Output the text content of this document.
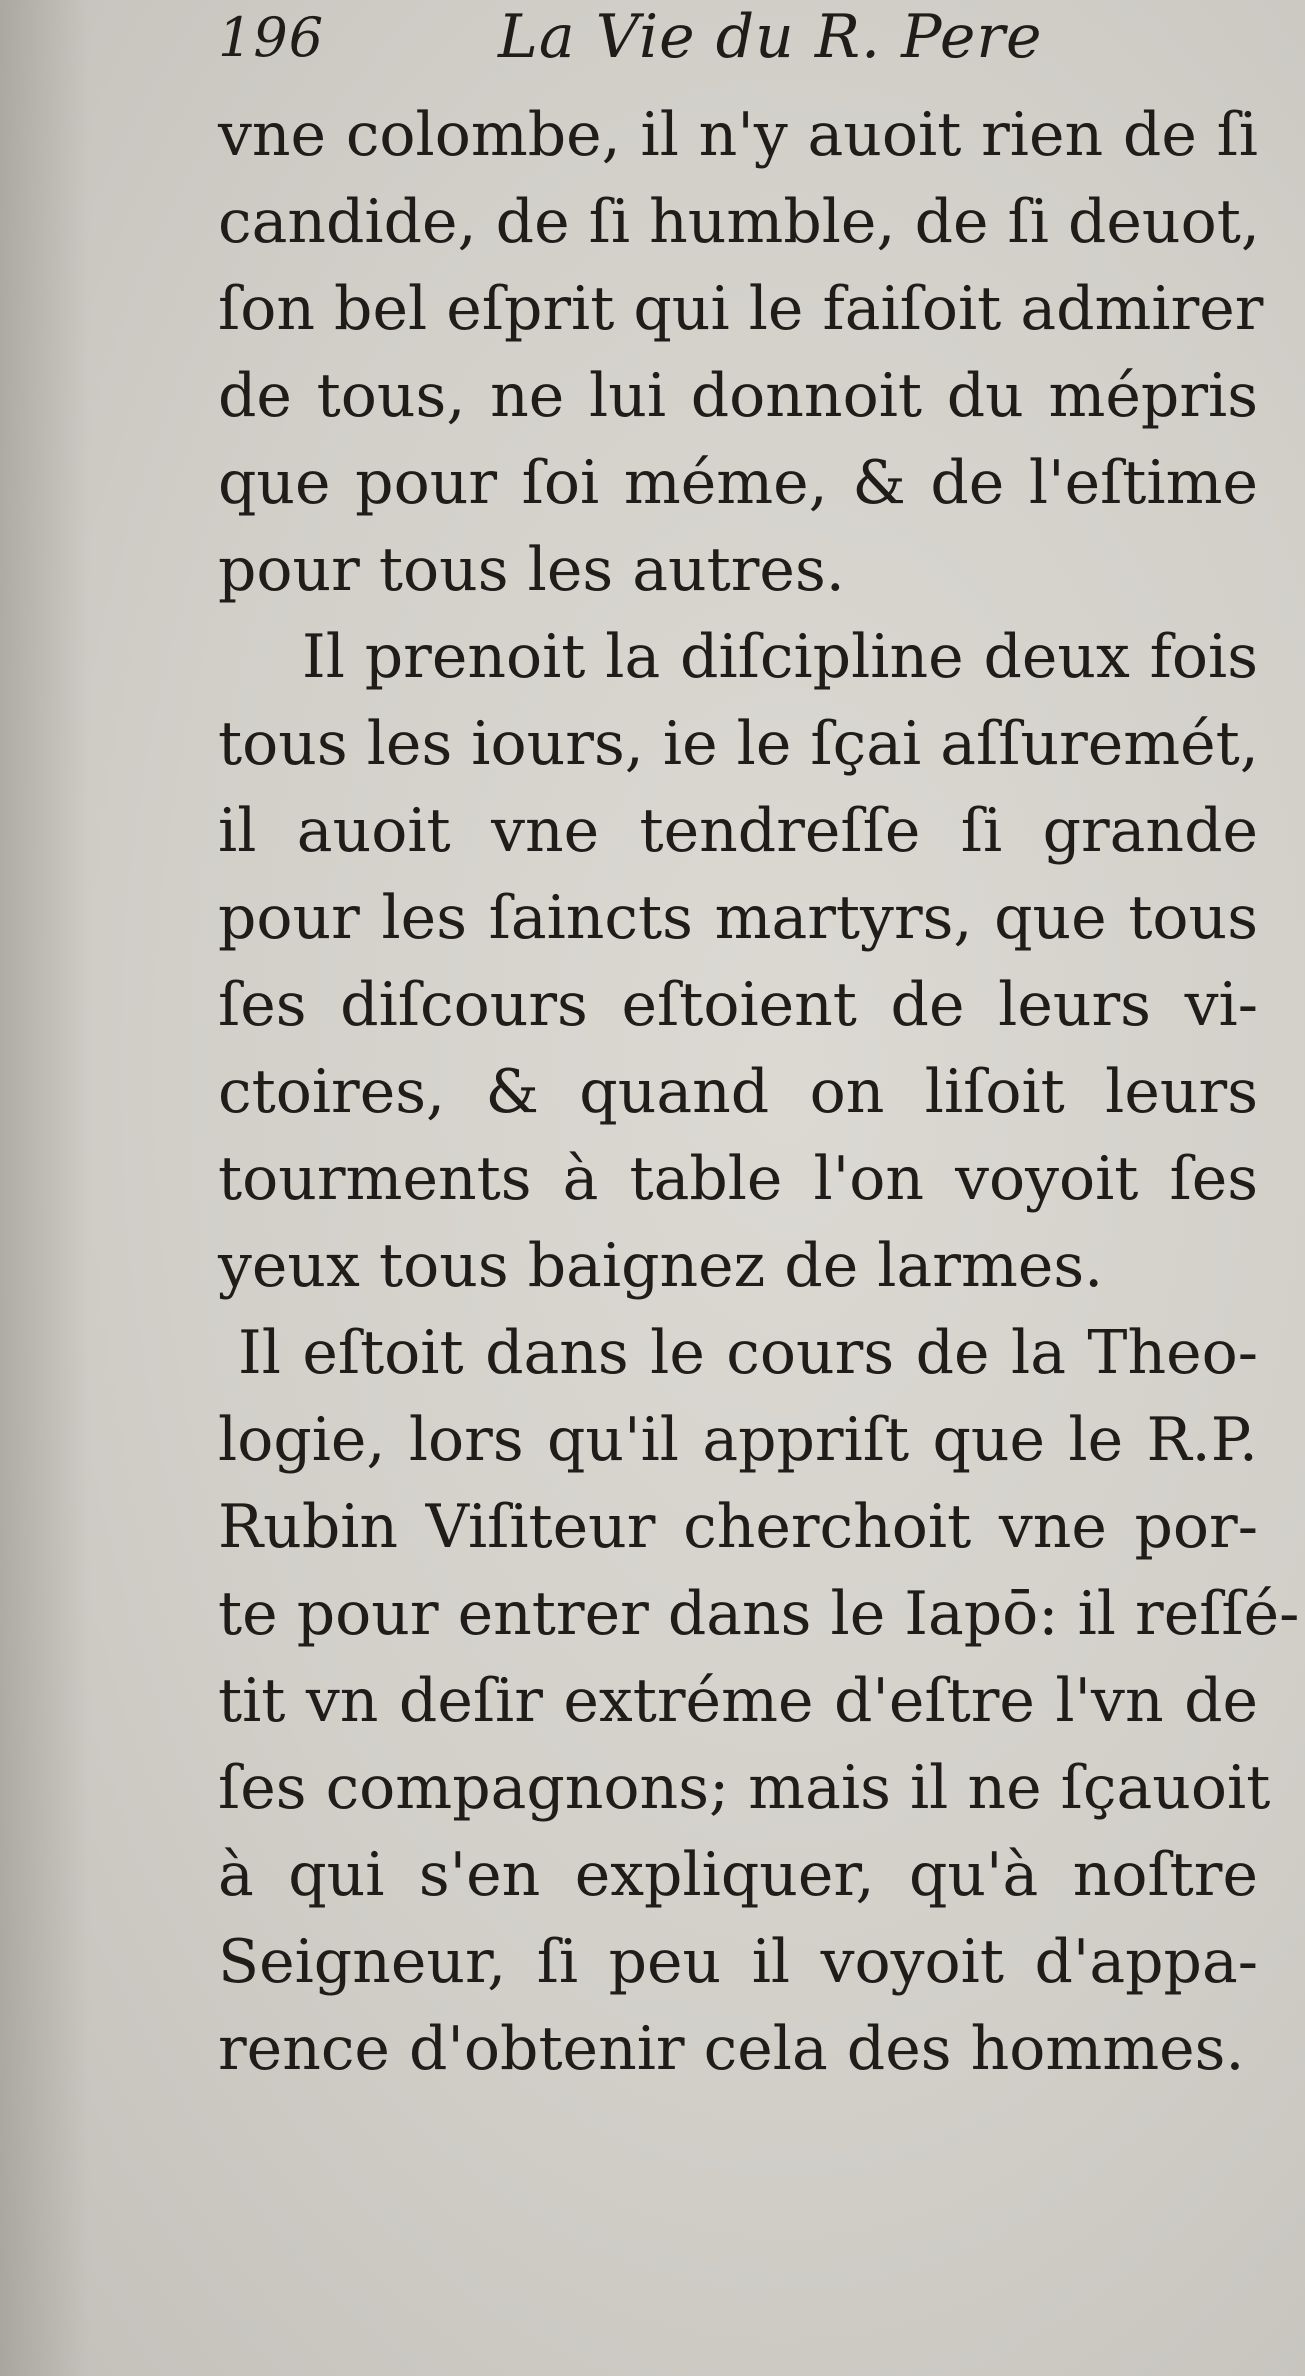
196	La Vie du R. Pere
vne colombe, il n'y auoit rien de ſi
candide, de ſi humble, de ſi deuot,
ſon bel eſprit qui le faiſoit admirer
de tous, ne lui donnoit du mépris
que pour ſoi méme, & de l'eſtime
pour tous les autres.
Il prenoit la diſcipline deux fois
tous les iours, ie le ſçai aſſuremét,
il auoit vne tendreſſe ſi grande
pour les ſaincts martyrs, que tous
ſes diſcours eſtoient de leurs vi-
ctoires, & quand on liſoit leurs
tourments à table l'on voyoit ſes
yeux tous baignez de larmes.
Il eſtoit dans le cours de la Theo-
logie, lors qu'il appriſt que le R.P.
Rubin Viſiteur cherchoit vne por-
te pour entrer dans le Iapō: il reſſé-
tit vn deſir extréme d'eſtre l'vn de
ſes compagnons; mais il ne ſçauoit
à qui s'en expliquer, qu'à noſtre
Seigneur, ſi peu il voyoit d'appa-
rence d'obtenir cela des hommes.
